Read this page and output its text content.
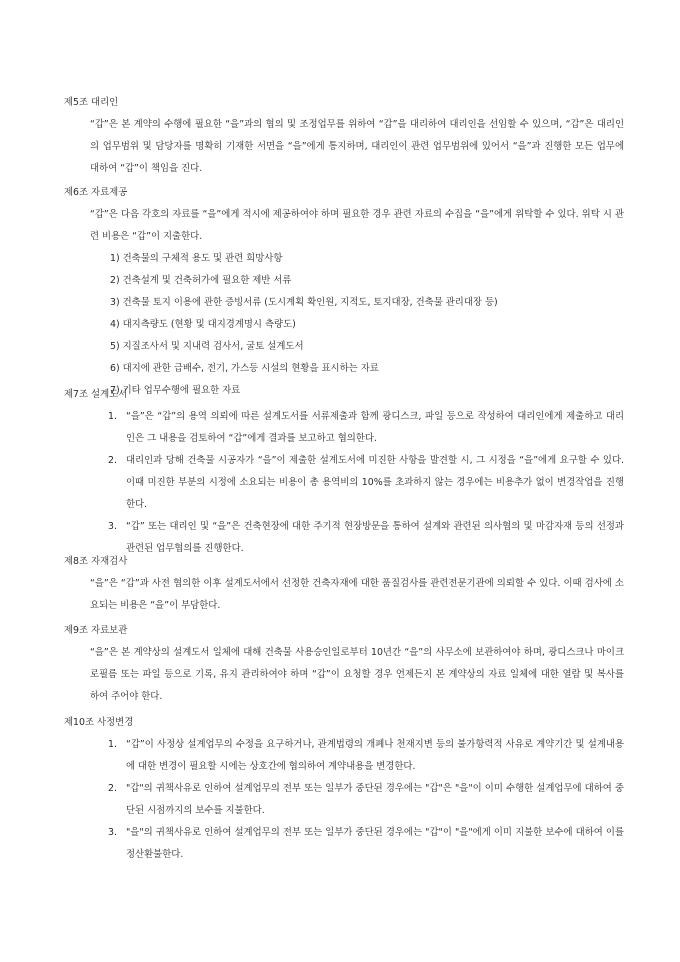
제5조 대리인
“갑”은 본 계약의 수행에 필요한 “을”과의 협의 및 조정업무를 위하여 “갑”을 대리하여 대리인을 선임할 수 있으며, “갑”은 대리인의 업무범위 및 담당자를 명확히 기재한 서면을 “을”에게 통지하며, 대리인이 관련 업무범위에 있어서 “을”과 진행한 모든 업무에 대하여 “갑”이 책임을 진다.
제6조 자료제공
“갑”은 다음 각호의 자료를 “을”에게 적시에 제공하여야 하며 필요한 경우 관련 자료의 수집을 “을”에게 위탁할 수 있다. 위탁 시 관련 비용은 “갑”이 지출한다.
1) 건축물의 구체적 용도 및 관련 희망사항
2) 건축설계 및 건축허가에 필요한 제반 서류
3) 건축물 토지 이용에 관한 증빙서류 (도시계획 확인원, 지적도, 토지대장, 건축물 관리대장 등)
4) 대지측량도 (현황 및 대지경계명시 측량도)
5) 지질조사서 및 지내력 검사서, 굴토 설계도서
6) 대지에 관한 급배수, 전기, 가스등 시설의 현황을 표시하는 자료
7) 기타 업무수행에 필요한 자료
제7조 설계도서
1. “을”은 “갑”의 용역 의뢰에 따른 설계도서를 서류제출과 함께 광디스크, 파일 등으로 작성하여 대리인에게 제출하고 대리인은 그 내용을 검토하여 “갑”에게 결과를 보고하고 협의한다.
2. 대리인과 당해 건축물 시공자가 “을”이 제출한 설계도서에 미진한 사항을 발견할 시, 그 시정을 “을”에게 요구할 수 있다. 이때 미진한 부분의 시정에 소요되는 비용이 총 용역비의 10%를 초과하지 않는 경우에는 비용추가 없이 변경작업을 진행한다.
3. “갑” 또는 대리인 및 “을”은 건축현장에 대한 주기적 현장방문을 통하여 설계와 관련된 의사협의 및 마감자재 등의 선정과 관련된 업무협의를 진행한다.
제8조 자재검사
“을”은 “갑”과 사전 협의한 이후 설계도서에서 선정한 건축자재에 대한 품질검사를 관련전문기관에 의뢰할 수 있다. 이때 검사에 소요되는 비용은 “을”이 부담한다.
제9조 자료보관
“을”은 본 계약상의 설계도서 일체에 대해 건축물 사용승인일로부터 10년간 “을”의 사무소에 보관하여야 하며, 광디스크나 마이크로필름 또는 파일 등으로 기록, 유지 관리하여야 하며 “갑”이 요청할 경우 언제든지 본 계약상의 자료 일체에 대한 열람 및 복사를 하여 주어야 한다.
제10조 사정변경
1. “갑”이 사정상 설계업무의 수정을 요구하거나, 관계법령의 개폐나 천재지변 등의 불가항력적 사유로 계약기간 및 설계내용에 대한 변경이 필요할 시에는 상호간에 협의하여 계약내용을 변경한다.
2. "갑"의 귀책사유로 인하여 설계업무의 전부 또는 일부가 중단된 경우에는 "갑"은 "을"이 이미 수행한 설계업무에 대하여 중단된 시점까지의 보수를 지불한다.
3. "을"의 귀책사유로 인하여 설계업무의 전부 또는 일부가 중단된 경우에는 "갑"이 "을"에게 이미 지불한 보수에 대하여 이를 정산환불한다.
